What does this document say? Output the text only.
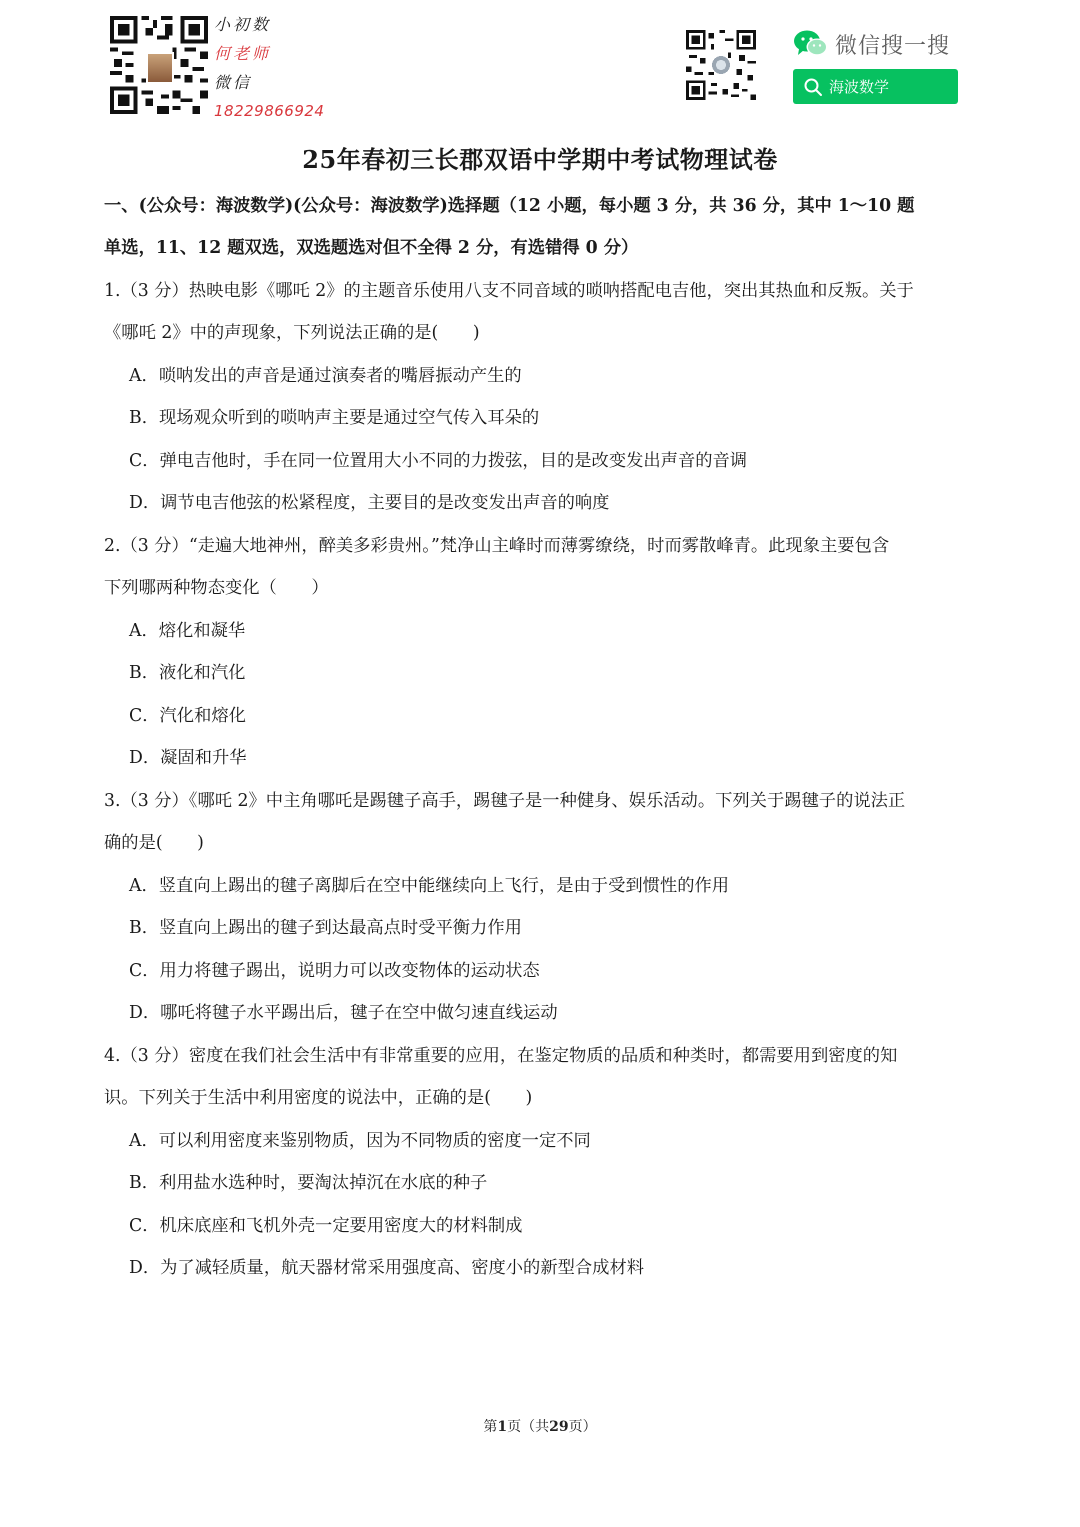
小初数
何老师
微信
18229866924
微信搜一搜
海波数学
25年春初三长郡双语中学期中考试物理试卷
一、(公众号：海波数学)(公众号：海波数学)选择题（12 小题，每小题 3 分，共 36 分，其中 1～10 题
单选，11、12 题双选，双选题选对但不全得 2 分，有选错得 0 分）
1.（3 分）热映电影《哪吒 2》的主题音乐使用八支不同音域的唢呐搭配电吉他，突出其热血和反叛。关于
《哪吒 2》中的声现象，下列说法正确的是(　　)
A．唢呐发出的声音是通过演奏者的嘴唇振动产生的
B．现场观众听到的唢呐声主要是通过空气传入耳朵的
C．弹电吉他时，手在同一位置用大小不同的力拨弦，目的是改变发出声音的音调
D．调节电吉他弦的松紧程度，主要目的是改变发出声音的响度
2.（3 分）“走遍大地神州，醉美多彩贵州。”梵净山主峰时而薄雾缭绕，时而雾散峰青。此现象主要包含
下列哪两种物态变化（　　）
A．熔化和凝华
B．液化和汽化
C．汽化和熔化
D．凝固和升华
3.（3 分）《哪吒 2》中主角哪吒是踢毽子高手，踢毽子是一种健身、娱乐活动。下列关于踢毽子的说法正
确的是(　　)
A．竖直向上踢出的毽子离脚后在空中能继续向上飞行，是由于受到惯性的作用
B．竖直向上踢出的毽子到达最高点时受平衡力作用
C．用力将毽子踢出，说明力可以改变物体的运动状态
D．哪吒将毽子水平踢出后，毽子在空中做匀速直线运动
4.（3 分）密度在我们社会生活中有非常重要的应用，在鉴定物质的品质和种类时，都需要用到密度的知
识。下列关于生活中利用密度的说法中，正确的是(　　)
A．可以利用密度来鉴别物质，因为不同物质的密度一定不同
B．利用盐水选种时，要淘汰掉沉在水底的种子
C．机床底座和飞机外壳一定要用密度大的材料制成
D．为了减轻质量，航天器材常采用强度高、密度小的新型合成材料
第1页（共29页）
